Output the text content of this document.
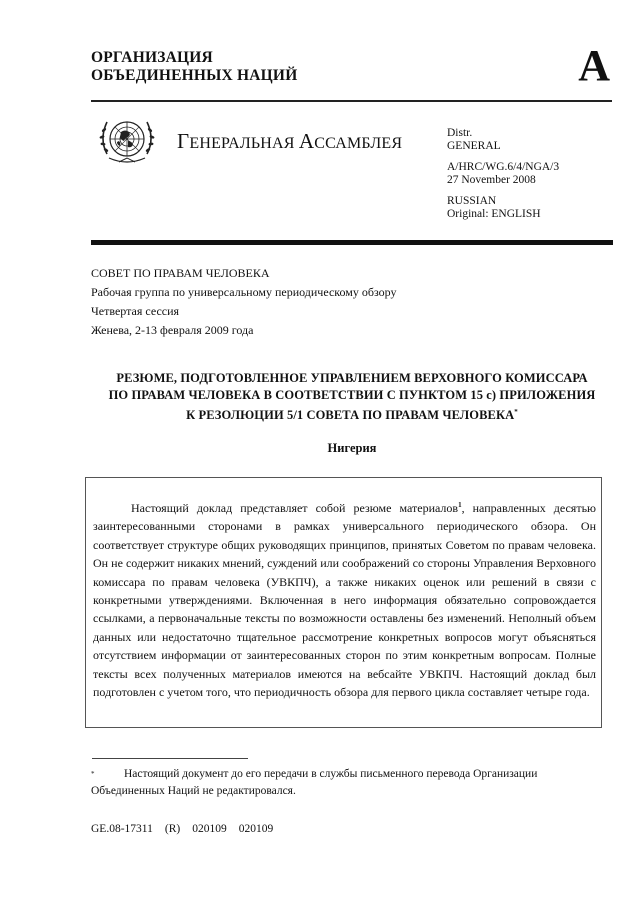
ОРГАНИЗАЦИЯ
ОБЪЕДИНЕННЫХ НАЦИЙ	A
ГЕНЕРАЛЬНАЯ АССАМБЛЕЯ
Distr.
GENERAL
A/HRC/WG.6/4/NGA/3
27 November 2008
RUSSIAN
Original: ENGLISH
СОВЕТ ПО ПРАВАМ ЧЕЛОВЕКА
Рабочая группа по универсальному периодическому обзору
Четвертая сессия
Женева, 2-13 февраля 2009 года
РЕЗЮМЕ, ПОДГОТОВЛЕННОЕ УПРАВЛЕНИЕМ ВЕРХОВНОГО КОМИССАРА
ПО ПРАВАМ ЧЕЛОВЕКА В СООТВЕТСТВИИ С ПУНКТОМ 15 с) ПРИЛОЖЕНИЯ
К РЕЗОЛЮЦИИ 5/1 СОВЕТА ПО ПРАВАМ ЧЕЛОВЕКА*
Нигерия
Настоящий доклад представляет собой резюме материалов$^1$, направленных десятью заинтересованными сторонами в рамках универсального периодического обзора. Он соответствует структуре общих руководящих принципов, принятых Советом по правам человека. Он не содержит никаких мнений, суждений или соображений со стороны Управления Верховного комиссара по правам человека (УВКПЧ), а также никаких оценок или решений в связи с конкретными утверждениями. Включенная в него информация обязательно сопровождается ссылками, а первоначальные тексты по возможности оставлены без изменений. Неполный объем данных или недостаточно тщательное рассмотрение конкретных вопросов могут объясняться отсутствием информации от заинтересованных сторон по этим конкретным вопросам. Полные тексты всех полученных материалов имеются на вебсайте УВКПЧ. Настоящий доклад был подготовлен с учетом того, что периодичность обзора для первого цикла составляет четыре года.
*	Настоящий документ до его передачи в службы письменного перевода Организации Объединенных Наций не редактировался.
GE.08-17311 (R) 020109 020109
